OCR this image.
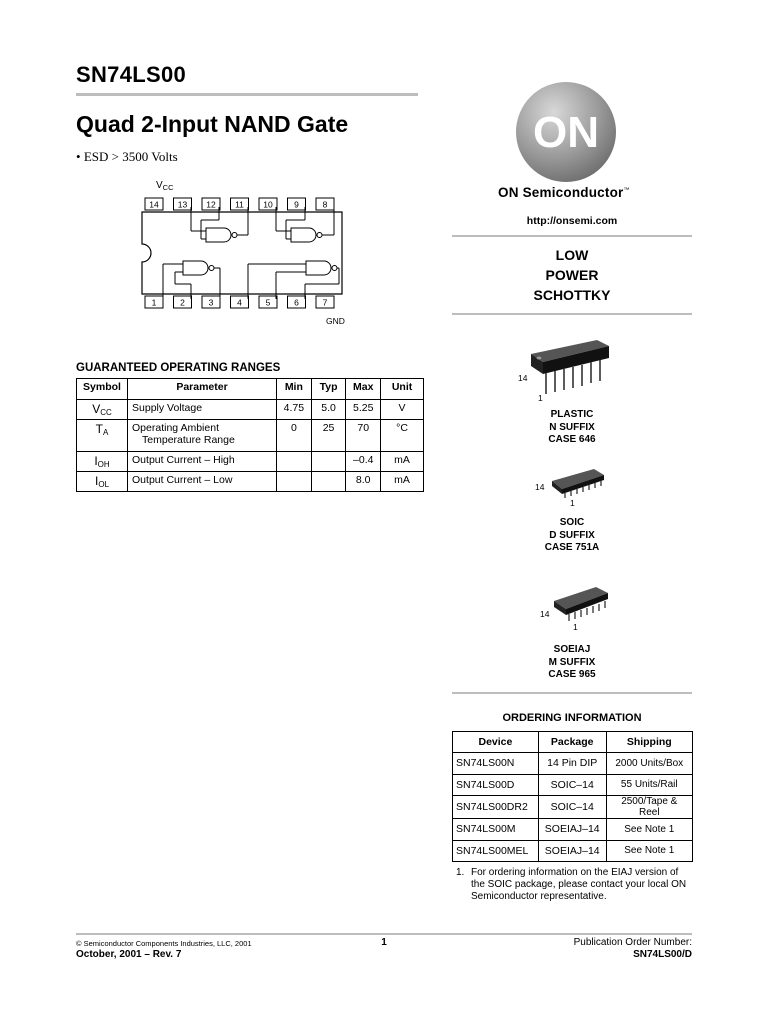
SN74LS00
Quad 2-Input NAND Gate
• ESD > 3500 Volts
$V_{CC}$
14 13 12 11 10	9	8
1	2	3	4	5	6	7
GND
GUARANTEED OPERATING RANGES
Symbol	Parameter	Min	Typ	Max	Unit
$V_{CC}$	Supply Voltage	4.75	5.0	5.25	V
$T_A$	Operating Ambient
Temperature Range	0	25	70	°C
$I_{OH}$	Output Current – High			–0.4	mA
$I_{OL}$	Output Current – Low			8.0	mA
ON
ON Semiconductor™
http://onsemi.com
LOW
POWER
SCHOTTKY
14
1
PLASTIC
N SUFFIX
CASE 646
14
1
SOIC
D SUFFIX
CASE 751A
14
1
SOEIAJ
M SUFFIX
CASE 965
ORDERING INFORMATION
Device	Package	Shipping
SN74LS00N	14 Pin DIP	2000 Units/Box
SN74LS00D	SOIC–14	55 Units/Rail
SN74LS00DR2	SOIC–14	2500/Tape & Reel
SN74LS00M	SOEIAJ–14	See Note 1
SN74LS00MEL	SOEIAJ–14	See Note 1
1. For ordering information on the EIAJ version of the SOIC package, please contact your local ON Semiconductor representative.
© Semiconductor Components Industries, LLC, 2001
October, 2001 – Rev. 7
1	Publication Order Number:
SN74LS00/D
